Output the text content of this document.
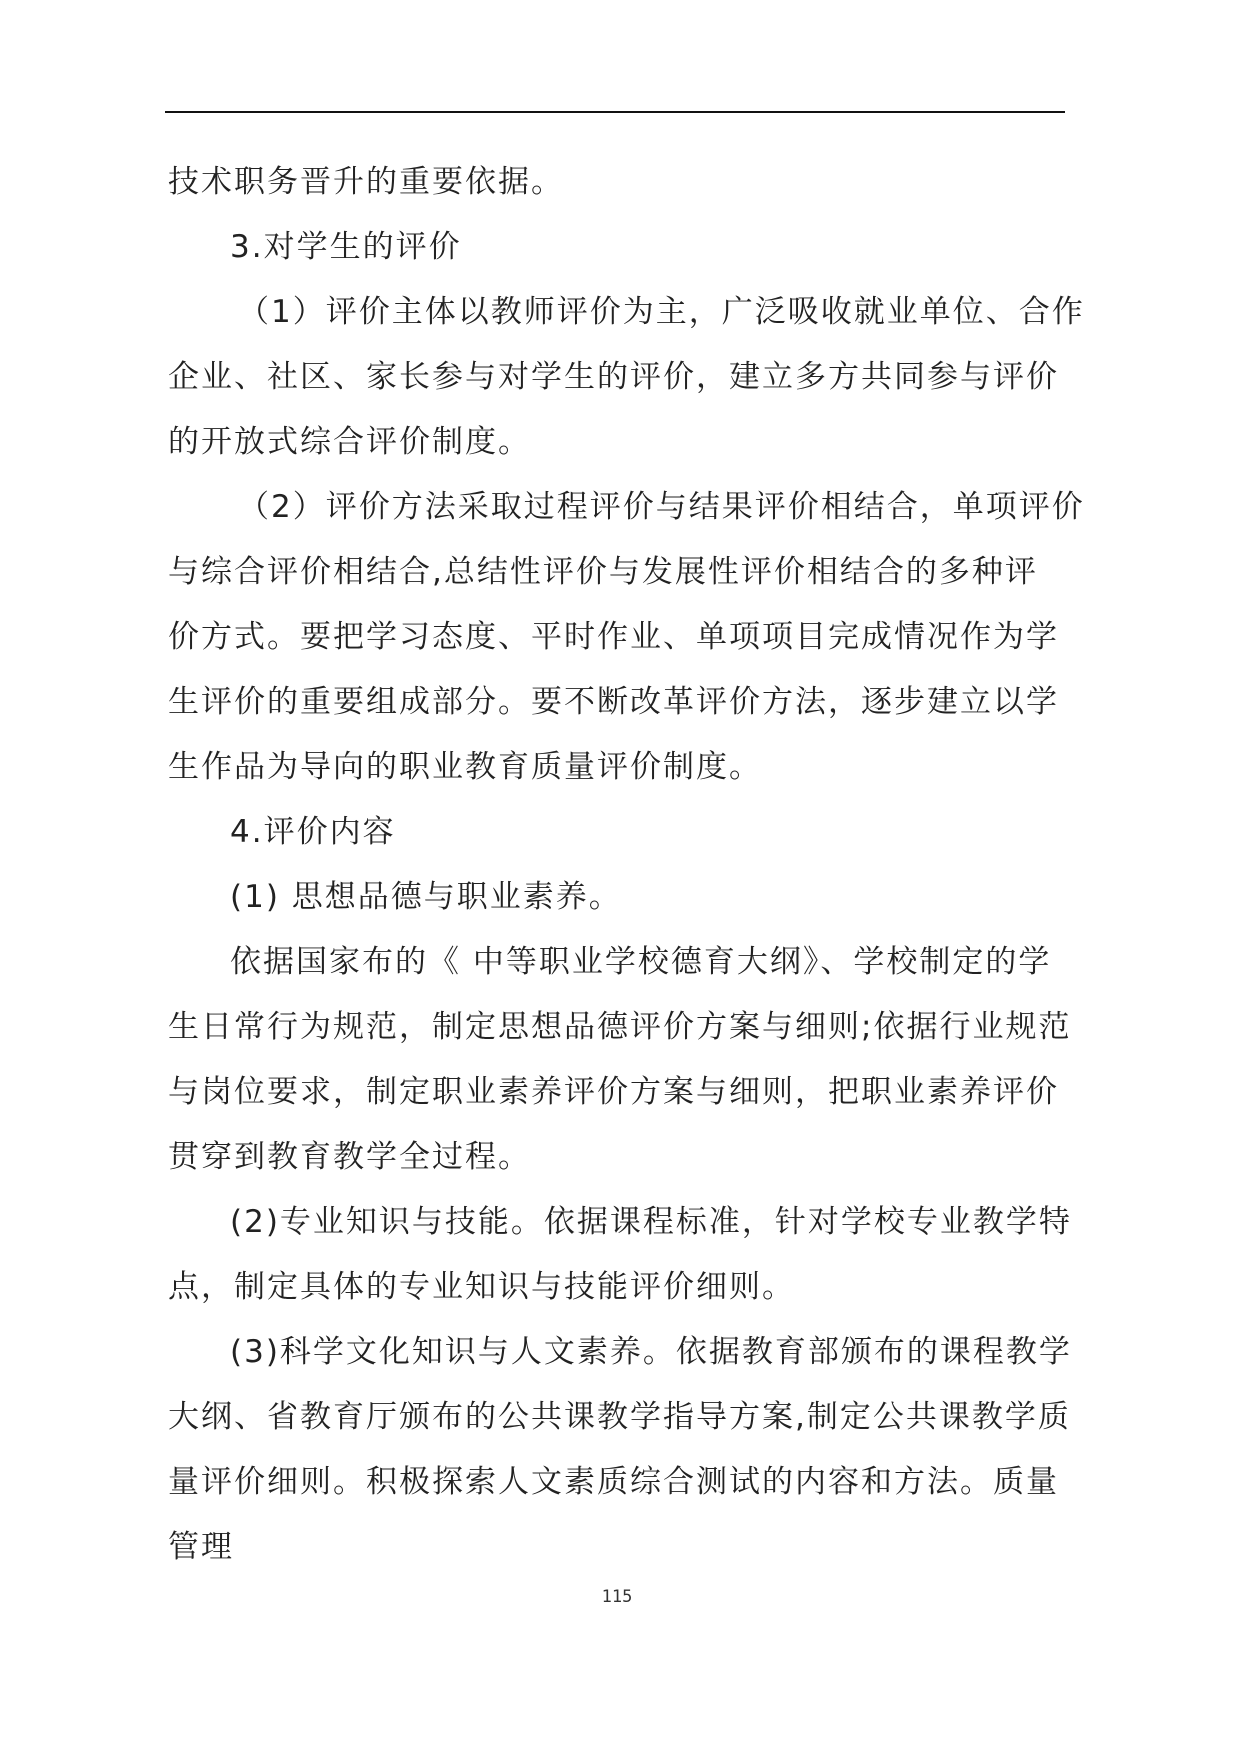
技术职务晋升的重要依据。
3.对学生的评价
（1）评价主体以教师评价为主，广泛吸收就业单位、合作
企业、社区、家长参与对学生的评价，建立多方共同参与评价
的开放式综合评价制度。
（2）评价方法采取过程评价与结果评价相结合，单项评价
与综合评价相结合,总结性评价与发展性评价相结合的多种评
价方式。要把学习态度、平时作业、单项项目完成情况作为学
生评价的重要组成部分。要不断改革评价方法，逐步建立以学
生作品为导向的职业教育质量评价制度。
4.评价内容
(1) 思想品德与职业素养。
依据国家布的《 中等职业学校德育大纲》、学校制定的学
生日常行为规范，制定思想品德评价方案与细则;依据行业规范
与岗位要求，制定职业素养评价方案与细则，把职业素养评价
贯穿到教育教学全过程。
(2)专业知识与技能。依据课程标准，针对学校专业教学特
点，制定具体的专业知识与技能评价细则。
(3)科学文化知识与人文素养。依据教育部颁布的课程教学
大纲、省教育厅颁布的公共课教学指导方案,制定公共课教学质
量评价细则。积极探索人文素质综合测试的内容和方法。质量
管理
115
